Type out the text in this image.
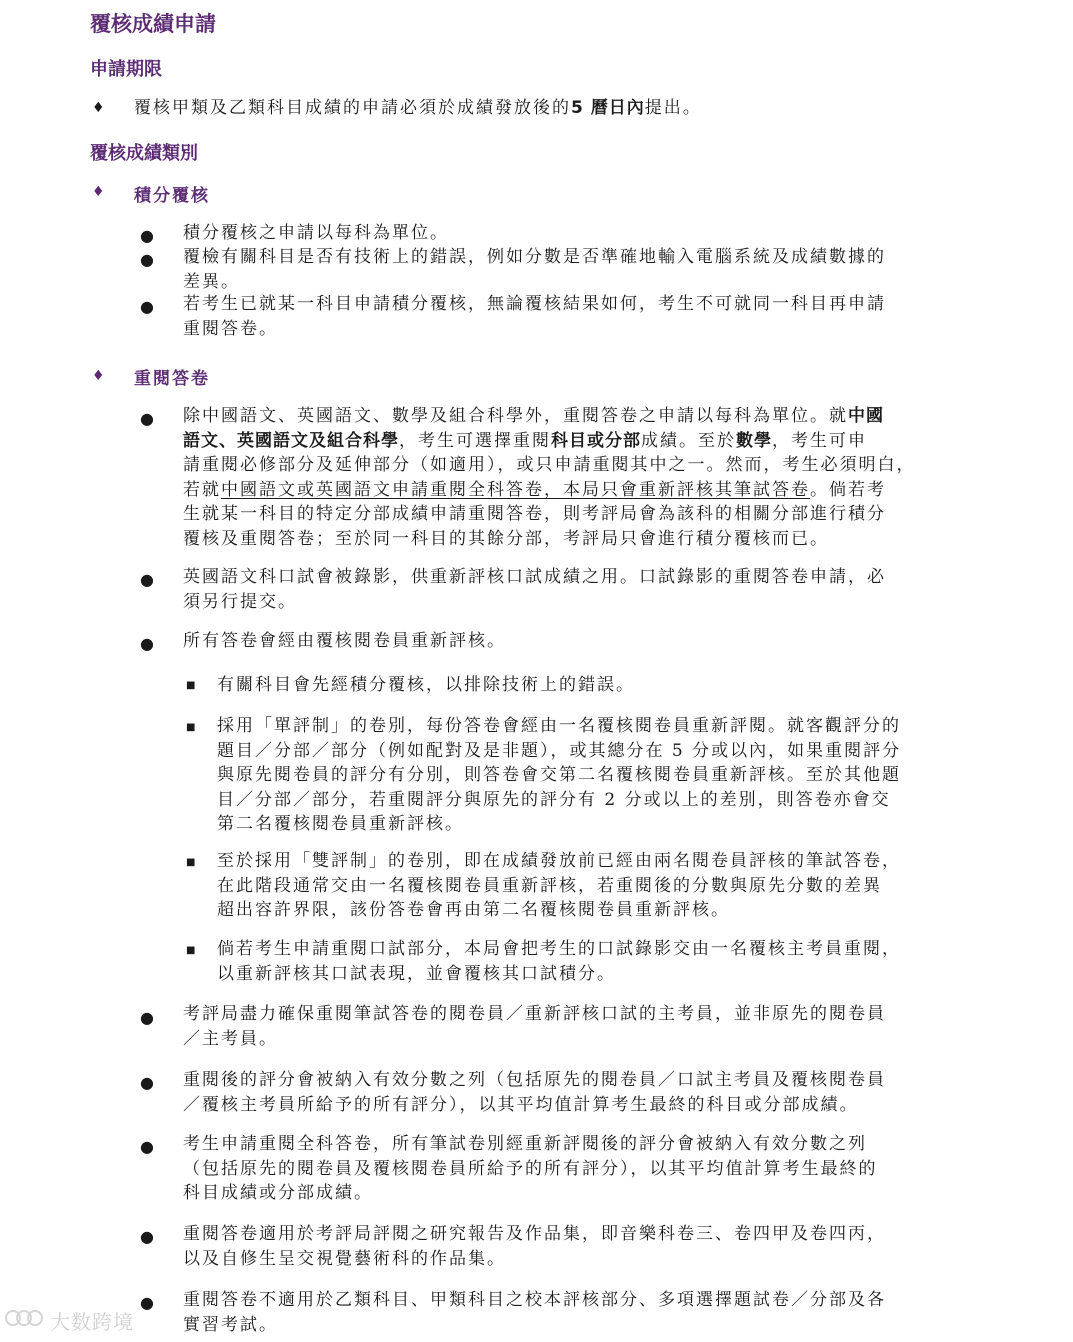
覆核成績申請
申請期限
♦ 覆核甲類及乙類科目成績的申請必須於成績發放後的5 曆日內提出。
覆核成績類別
♦ 積分覆核
● 積分覆核之申請以每科為單位。
● 覆檢有關科目是否有技術上的錯誤，例如分數是否準確地輸入電腦系統及成績數據的
差異。
● 若考生已就某一科目申請積分覆核，無論覆核結果如何，考生不可就同一科目再申請
重閱答卷。
♦ 重閱答卷
● 除中國語文、英國語文、數學及組合科學外，重閱答卷之申請以每科為單位。就中國
語文、英國語文及組合科學，考生可選擇重閱科目或分部成績。至於數學，考生可申
請重閱必修部分及延伸部分（如適用），或只申請重閱其中之一。然而，考生必須明白，
若就中國語文或英國語文申請重閱全科答卷，本局只會重新評核其筆試答卷。倘若考
生就某一科目的特定分部成績申請重閱答卷，則考評局會為該科的相關分部進行積分
覆核及重閱答卷；至於同一科目的其餘分部，考評局只會進行積分覆核而已。
● 英國語文科口試會被錄影，供重新評核口試成績之用。口試錄影的重閱答卷申請，必
須另行提交。
● 所有答卷會經由覆核閱卷員重新評核。
■ 有關科目會先經積分覆核，以排除技術上的錯誤。
■ 採用「單評制」的卷別，每份答卷會經由一名覆核閱卷員重新評閱。就客觀評分的
題目／分部／部分（例如配對及是非題），或其總分在 5 分或以內，如果重閱評分
與原先閱卷員的評分有分別，則答卷會交第二名覆核閱卷員重新評核。至於其他題
目／分部／部分，若重閱評分與原先的評分有 2 分或以上的差別，則答卷亦會交
第二名覆核閱卷員重新評核。
■ 至於採用「雙評制」的卷別，即在成績發放前已經由兩名閱卷員評核的筆試答卷，
在此階段通常交由一名覆核閱卷員重新評核，若重閱後的分數與原先分數的差異
超出容許界限，該份答卷會再由第二名覆核閱卷員重新評核。
■ 倘若考生申請重閱口試部分，本局會把考生的口試錄影交由一名覆核主考員重閱，
以重新評核其口試表現，並會覆核其口試積分。
● 考評局盡力確保重閱筆試答卷的閱卷員／重新評核口試的主考員，並非原先的閱卷員
／主考員。
● 重閱後的評分會被納入有效分數之列（包括原先的閱卷員／口試主考員及覆核閱卷員
／覆核主考員所給予的所有評分），以其平均值計算考生最終的科目或分部成績。
● 考生申請重閱全科答卷，所有筆試卷別經重新評閱後的評分會被納入有效分數之列
（包括原先的閱卷員及覆核閱卷員所給予的所有評分），以其平均值計算考生最終的
科目成績或分部成績。
● 重閱答卷適用於考評局評閱之研究報告及作品集，即音樂科卷三、卷四甲及卷四丙，
以及自修生呈交視覺藝術科的作品集。
● 重閱答卷不適用於乙類科目、甲類科目之校本評核部分、多項選擇題試卷／分部及各
實習考試。
大数跨境
